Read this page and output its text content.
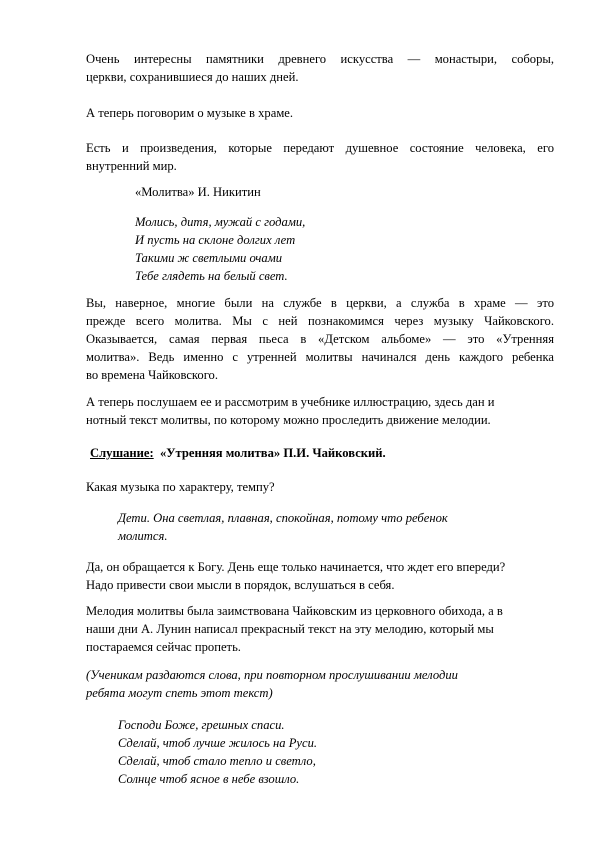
Очень интересны памятники древнего искусства — монастыри, соборы,
церкви, сохранившиеся до наших дней.
А теперь поговорим о музыке в храме.
Есть и произведения, которые передают душевное состояние человека, его
внутренний мир.
«Молитва» И. Никитин
Молись, дитя, мужай с годами,
И пусть на склоне долгих лет
Такими ж светлыми очами
Тебе глядеть на белый свет.
Вы, наверное, многие были на службе в церкви, а служба в храме — это
прежде всего молитва. Мы с ней познакомимся через музыку Чайковского.
Оказывается, самая первая пьеса в «Детском альбоме» — это «Утренняя
молитва». Ведь именно с утренней молитвы начинался день каждого ребенка
во времена Чайковского.
А теперь послушаем ее и рассмотрим в учебнике иллюстрацию, здесь дан и
нотный текст молитвы, по которому можно проследить движение мелодии.
Слушание: «Утренняя молитва» П.И. Чайковский.
Какая музыка по характеру, темпу?
Дети. Она светлая, плавная, спокойная, потому что ребенок
молится.
Да, он обращается к Богу. День еще только начинается, что ждет его впереди?
Надо привести свои мысли в порядок, вслушаться в себя.
Мелодия молитвы была заимствована Чайковским из церковного обихода, а в
наши дни А. Лунин написал прекрасный текст на эту мелодию, который мы
постараемся сейчас пропеть.
(Ученикам раздаются слова, при повторном прослушивании мелодии
ребята могут спеть этот текст)
Господи Боже, грешных спаси.
Сделай, чтоб лучше жилось на Руси.
Сделай, чтоб стало тепло и светло,
Солнце чтоб ясное в небе взошло.
